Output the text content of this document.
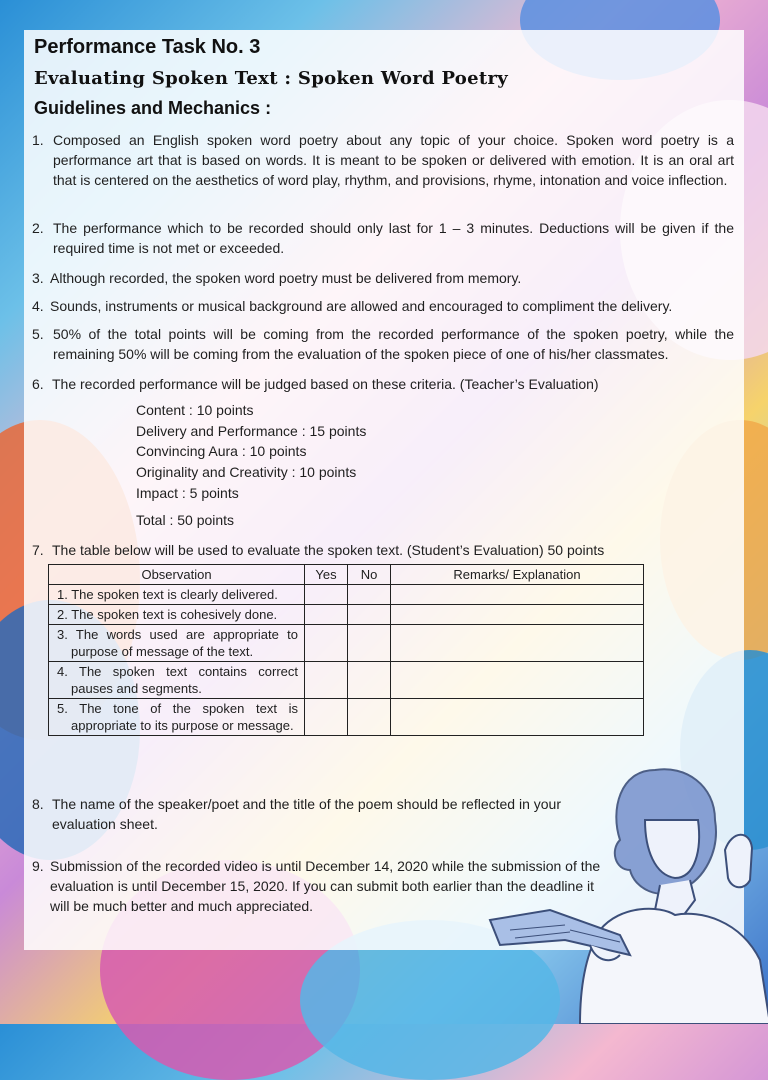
Performance Task No. 3
Evaluating Spoken Text : Spoken Word Poetry
Guidelines and Mechanics :
1. Composed an English spoken word poetry about any topic of your choice. Spoken word poetry is a performance art that is based on words. It is meant to be spoken or delivered with emotion. It is an oral art that is centered on the aesthetics of word play, rhythm, and provisions, rhyme, intonation and voice inflection.
2. The performance which to be recorded should only last for 1 – 3 minutes. Deductions will be given if the required time is not met or exceeded.
3. Although recorded, the spoken word poetry must be delivered from memory.
4. Sounds, instruments or musical background are allowed and encouraged to compliment the delivery.
5. 50% of the total points will be coming from the recorded performance of the spoken poetry, while the remaining 50% will be coming from the evaluation of the spoken piece of one of his/her classmates.
6. The recorded performance will be judged based on these criteria. (Teacher’s Evaluation)
Content : 10 points
Delivery and Performance : 15 points
Convincing Aura : 10 points
Originality and Creativity : 10 points
Impact : 5 points
Total : 50 points
7. The table below will be used to evaluate the spoken text. (Student’s Evaluation) 50 points
Observation	Yes	No	Remarks/ Explanation

1. The spoken text is clearly delivered.			

2. The spoken text is cohesively done.			

3. The words used are appropriate to purpose of message of the text.			

4. The spoken text contains correct pauses and segments.			

5. The tone of the spoken text is appropriate to its purpose or message.			

8. The name of the speaker/poet and the title of the poem should be reflected in your evaluation sheet.
9. Submission of the recorded video is until December 14, 2020 while the submission of the evaluation is until December 15, 2020. If you can submit both earlier than the deadline it will be much better and much appreciated.
